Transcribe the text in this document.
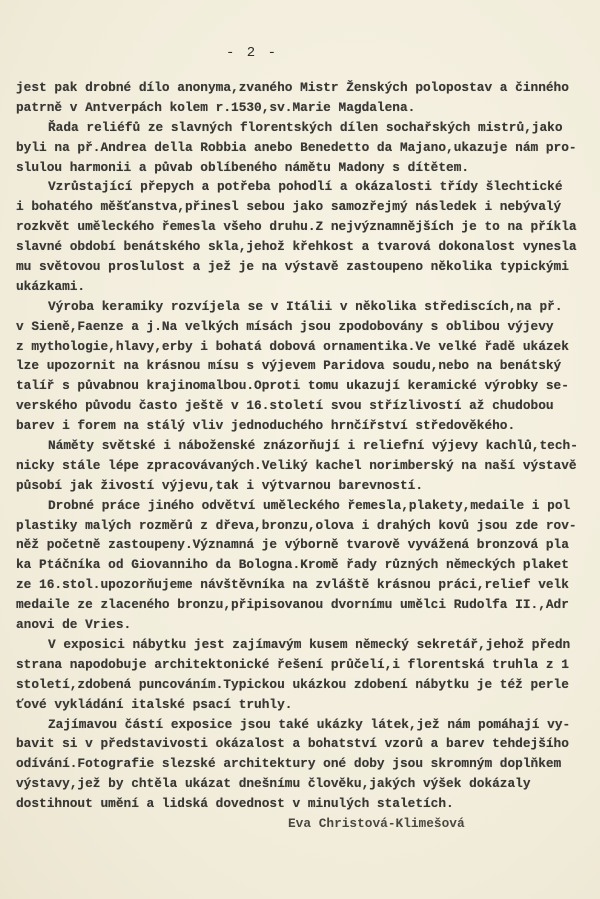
- 2 -
jest pak drobné dílo anonyma,zvaného Mistr Ženských polopostav a činného
patrně v Antverpách kolem r.1530,sv.Marie Magdalena.
Řada reliéfů ze slavných florentských dílen sochařských mistrů,jako
byli na př.Andrea della Robbia anebo Benedetto da Majano,ukazuje nám pro-
slulou harmonii a půvab oblíbeného námětu Madony s dítětem.
Vzrůstající přepych a potřeba pohodlí a okázalosti třídy šlechtické
i bohatého měšťanstva,přinesl sebou jako samozřejmý následek i nebývalý
rozkvět uměleckého řemesla všeho druhu.Z nejvýznamnějších je to na příkla
slavné období benátského skla,jehož křehkost a tvarová dokonalost vynesla
mu světovou proslulost a jež je na výstavě zastoupeno několika typickými
ukázkami.
Výroba keramiky rozvíjela se v Itálii v několika střediscích,na př.
v Sieně,Faenze a j.Na velkých mísách jsou zpodobovány s oblibou výjevy
z mythologie,hlavy,erby i bohatá dobová ornamentika.Ve velké řadě ukázek
lze upozornit na krásnou mísu s výjevem Paridova soudu,nebo na benátský
talíř s půvabnou krajinomalbou.Oproti tomu ukazují keramické výrobky se-
verského původu často ještě v 16.století svou střízlivostí až chudobou
barev i forem na stálý vliv jednoduchého hrnčířství středověkého.
Náměty světské i náboženské znázorňují i reliefní výjevy kachlů,tech-
nicky stále lépe zpracovávaných.Veliký kachel norimberský na naší výstavě
působí jak živostí výjevu,tak i výtvarnou barevností.
Drobné práce jiného odvětví uměleckého řemesla,plakety,medaile i pol
plastiky malých rozměrů z dřeva,bronzu,olova i drahých kovů jsou zde rov-
něž početně zastoupeny.Významná je výborně tvarově vyvážená bronzová pla
ka Ptáčníka od Giovanniho da Bologna.Kromě řady různých německých plaket
ze 16.stol.upozorňujeme návštěvníka na zvláště krásnou práci,relief velk
medaile ze zlaceného bronzu,připisovanou dvornímu umělci Rudolfa II.,Adr
anovi de Vries.
V exposici nábytku jest zajímavým kusem německý sekretář,jehož předn
strana napodobuje architektonické řešení průčelí,i florentská truhla z 1
století,zdobená puncováním.Typickou ukázkou zdobení nábytku je též perle
ťové vykládání italské psací truhly.
Zajímavou částí exposice jsou také ukázky látek,jež nám pomáhají vy-
bavit si v představivosti okázalost a bohatství vzorů a barev tehdejšího
odívání.Fotografie slezské architektury oné doby jsou skromným doplňkem
výstavy,jež by chtěla ukázat dnešnímu člověku,jakých výšek dokázaly
dostihnout umění a lidská dovednost v minulých staletích.
Eva Christová-Klimešová
